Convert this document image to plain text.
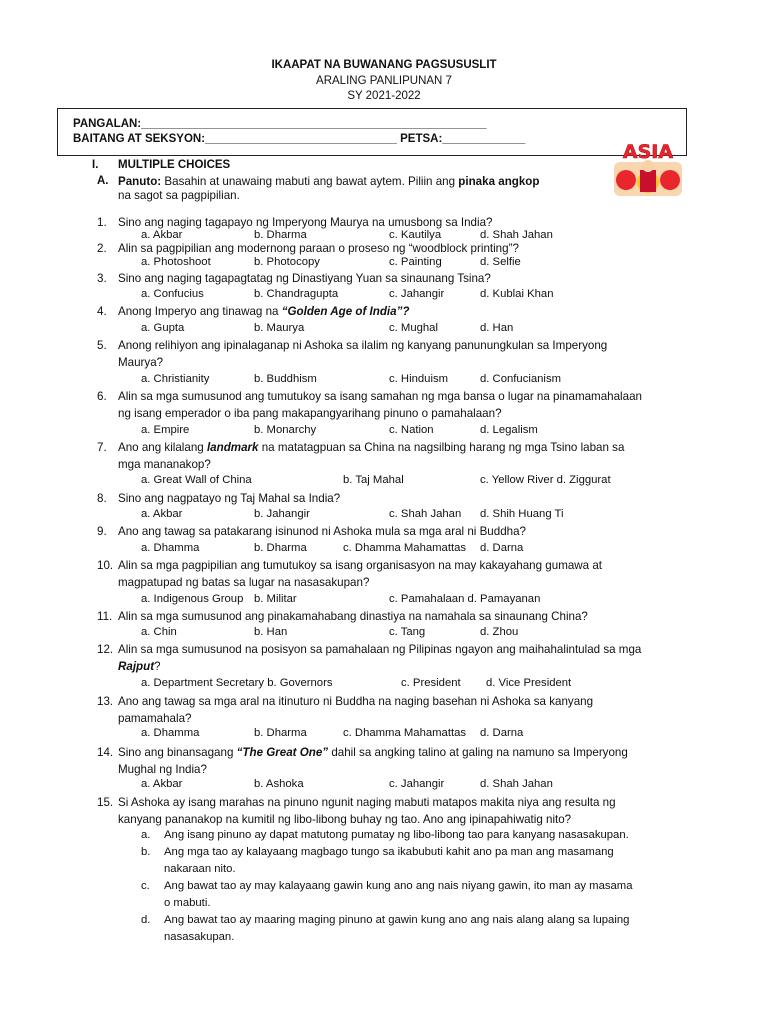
IKAAPAT NA BUWANANG PAGSUSUSLIT
ARALING PANLIPUNAN 7
SY 2021-2022
PANGALAN:______________________________________________________
BAITANG AT SEKSYON:______________________________ PETSA:_____________
ASIA
I. MULTIPLE CHOICES
A. Panuto: Basahin at unawaing mabuti ang bawat aytem. Piliin ang pinaka angkop
na sagot sa pagpipilian.
1. Sino ang naging tagapayo ng Imperyong Maurya na umusbong sa India?
a. Akbar	b. Dharma	c. Kautilya	d. Shah Jahan
2. Alin sa pagpipilian ang modernong paraan o proseso ng “woodblock printing”?
a. Photoshoot	b. Photocopy	c. Painting	d. Selfie
3. Sino ang naging tagapagtatag ng Dinastiyang Yuan sa sinaunang Tsina?
a. Confucius	b. Chandragupta	c. Jahangir	d. Kublai Khan
4. Anong Imperyo ang tinawag na “Golden Age of India”?
a. Gupta	b. Maurya	c. Mughal	d. Han
5. Anong relihiyon ang ipinalaganap ni Ashoka sa ilalim ng kanyang panunungkulan sa Imperyong
Maurya?
a. Christianity	b. Buddhism	c. Hinduism	d. Confucianism
6. Alin sa mga sumusunod ang tumutukoy sa isang samahan ng mga bansa o lugar na pinamamahalaan
ng isang emperador o iba pang makapangyarihang pinuno o pamahalaan?
a. Empire	b. Monarchy	c. Nation	d. Legalism
7. Ano ang kilalang landmark na matatagpuan sa China na nagsilbing harang ng mga Tsino laban sa
mga mananakop?
a. Great Wall of China	b. Taj Mahal	c. Yellow River d. Ziggurat
8. Sino ang nagpatayo ng Taj Mahal sa India?
a. Akbar	b. Jahangir	c. Shah Jahan d. Shih Huang Ti
9. Ano ang tawag sa patakarang isinunod ni Ashoka mula sa mga aral ni Buddha?
a. Dhamma	b. Dharma	c. Dhamma Mahamattas d. Darna
10. Alin sa mga pagpipilian ang tumutukoy sa isang organisasyon na may kakayahang gumawa at
magpatupad ng batas sa lugar na nasasakupan?
a. Indigenous Group b. Militar	c. Pamahalaan d. Pamayanan
11. Alin sa mga sumusunod ang pinakamahabang dinastiya na namahala sa sinaunang China?
a. Chin	b. Han	c. Tang	d. Zhou
12. Alin sa mga sumusunod na posisyon sa pamahalaan ng Pilipinas ngayon ang maihahalintulad sa mga
Rajput?
a. Department Secretary b. Governors	c. President d. Vice President
13. Ano ang tawag sa mga aral na itinuturo ni Buddha na naging basehan ni Ashoka sa kanyang
pamamahala?
a. Dhamma	b. Dharma	c. Dhamma Mahamattas d. Darna
14. Sino ang binansagang “The Great One” dahil sa angking talino at galing na namuno sa Imperyong
Mughal ng India?
a. Akbar	b. Ashoka	c. Jahangir	d. Shah Jahan
15. Si Ashoka ay isang marahas na pinuno ngunit naging mabuti matapos makita niya ang resulta ng
kanyang pananakop na kumitil ng libo-libong buhay ng tao. Ano ang ipinapahiwatig nito?
a. Ang isang pinuno ay dapat matutong pumatay ng libo-libong tao para kanyang nasasakupan.
b. Ang mga tao ay kalayaang magbago tungo sa ikabubuti kahit ano pa man ang masamang
nakaraan nito.
c. Ang bawat tao ay may kalayaang gawin kung ano ang nais niyang gawin, ito man ay masama
o mabuti.
d. Ang bawat tao ay maaring maging pinuno at gawin kung ano ang nais alang alang sa lupaing
nasasakupan.
